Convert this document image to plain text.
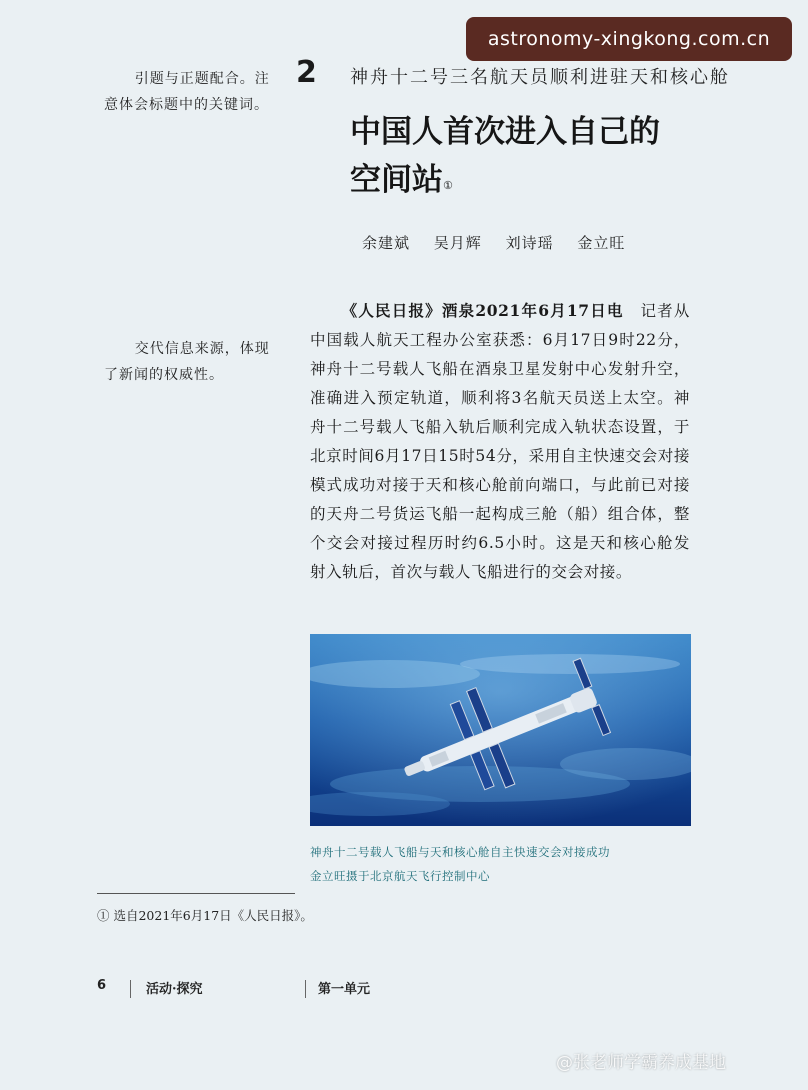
astronomy-xingkong.com.cn
引题与正题配合。注意体会标题中的关键词。
交代信息来源，体现了新闻的权威性。
2 神舟十二号三名航天员顺利进驻天和核心舱
中国人首次进入自己的
空间站①
余建斌 吴月辉 刘诗瑶 金立旺
《人民日报》酒泉2021年6月17日电　 记者从中国载人航天工程办公室获悉：6月17日9时22分，神舟十二号载人飞船在酒泉卫星发射中心发射升空，准确进入预定轨道，顺利将3名航天员送上太空。神舟十二号载人飞船入轨后顺利完成入轨状态设置，于北京时间6月17日15时54分，采用自主快速交会对接模式成功对接于天和核心舱前向端口，与此前已对接的天舟二号货运飞船一起构成三舱（船）组合体，整个交会对接过程历时约6.5小时。这是天和核心舱发射入轨后，首次与载人飞船进行的交会对接。
神舟十二号载人飞船与天和核心舱自主快速交会对接成功
金立旺摄于北京航天飞行控制中心
① 选自2021年6月17日《人民日报》。
6	活动·探究	第一单元
@张老师学霸养成基地
